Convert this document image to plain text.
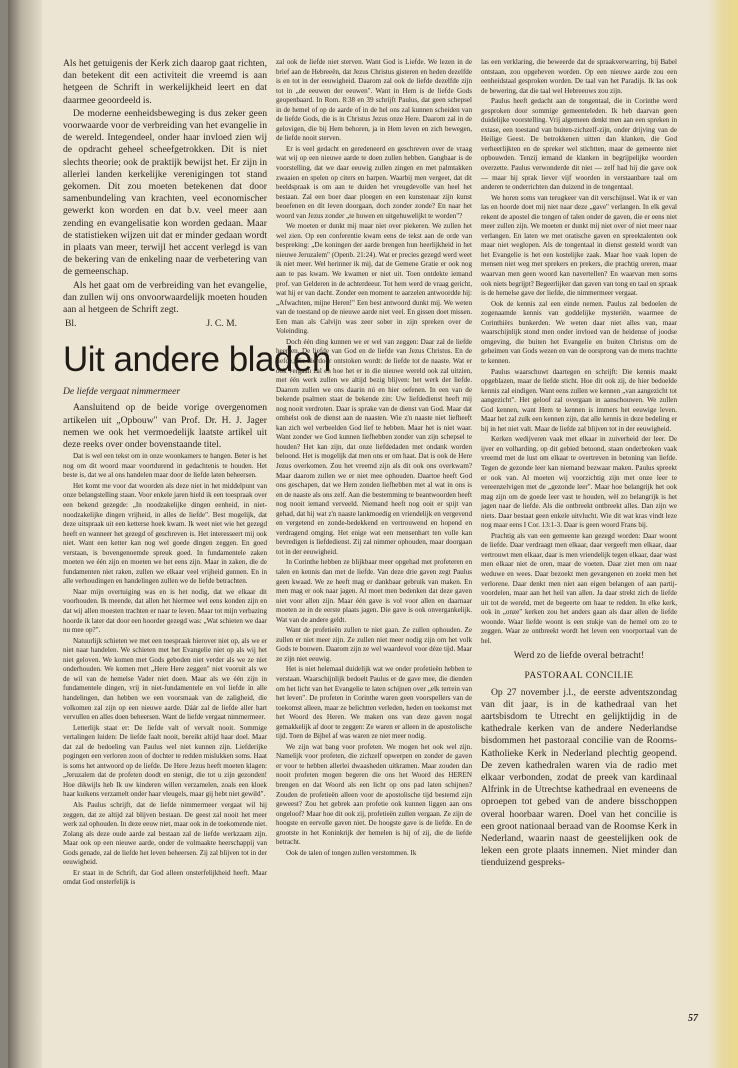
Als het getuigenis der Kerk zich daarop gaat richten, dan betekent dit een activiteit die vreemd is aan hetgeen de Schrift in werkelijkheid leert en dat daarmee geoordeeld is.

De moderne eenheidsbeweging is dus zeker geen voorwaarde voor de verbreiding van het evangelie in de wereld. Integendeel, onder haar invloed zien wij de opdracht geheel scheefgetrokken. Dit is niet slechts theorie; ook de praktijk bewijst het. Er zijn in allerlei landen kerkelijke verenigingen tot stand gekomen. Dit zou moeten betekenen dat door samenbundeling van krachten, veel economischer gewerkt kon worden en dat b.v. veel meer aan zending en evangelisatie kon worden gedaan. Maar de statistieken wijzen uit dat er minder gedaan wordt in plaats van meer, terwijl het accent verlegd is van de bekering van de enkeling naar de verbetering van de gemeenschap.

Als het gaat om de verbreiding van het evangelie, dan zullen wij ons onvoorwaardelijk moeten houden aan al hetgeen de Schrift zegt.

Bl.	J. C. M.
Uit andere bladen
De liefde vergaat nimmermeer

Aansluitend op de beide vorige overgenomen artikelen uit „Opbouw" van Prof. Dr. H. J. Jager nemen we ook het vermoedelijk laatste artikel uit deze reeks over onder bovenstaande titel.

Dat is wel een tekst om in onze woonkamers te hangen. Beter is het nog om dit woord maar voortdurend in gedachtenis te houden. Het beste is, dat we al ons handelen maar door de liefde laten beheersen.

Het komt me voor dat woorden als deze niet in het middelpunt van onze belangstelling staan. Voor enkele jaren hield ik een toespraak over een bekend gezegde: „In noodzakelijke dingen eenheid, in niet-noodzakelijke dingen vrijheid, in alles de liefde". Best mogelijk, dat deze uitspraak uit een ketterse hoek kwam. Ik weet niet wie het gezegd heeft en wanneer het gezegd of geschreven is. Het interesseert mij ook niet. Want een ketter kan nog wel goede dingen zeggen. En goed verstaan, is bovengenoemde spreuk goed. In fundamentele zaken moeten we één zijn en moeten we het eens zijn. Maar in zaken, die de fundamenten niet raken, zullen we elkaar veel vrijheid gunnen. En in alle verhoudingen en handelingen zullen we de liefde betrachten.

Naar mijn overtuiging was en is het nodig, dat we elkaar dit voorhouden. Ik meende, dat allen het hiermee wel eens konden zijn en dat wij allen moesten trachten er naar te leven. Maar tot mijn verbazing hoorde ik later dat door een hoorder gezegd was: „Wat schieten we daar nu mee op?".

Natuurlijk schieten we met een toespraak hierover niet op, als we er niet naar handelen. We schieten met het Evangelie niet op als wij het niet geloven. We komen met Gods geboden niet verder als we ze niet onderhouden. We komen met „Here Here zeggen" niet vooruit als we de wil van de hemelse Vader niet doen. Maar als we één zijn in fundamentele dingen, vrij in niet-fundamentele en vol liefde in alle handelingen, dan hebben we een voorsmaak van de zaligheid, die volkomen zal zijn op een nieuwe aarde. Dáár zal de liefde aller hart vervullen en alles doen beheersen. Want de liefde vergaat nimmermeer.

Letterlijk staat er: De liefde valt of vervalt nooit. Sommige vertalingen luiden: De liefde faalt nooit, bereikt altijd haar doel. Maar dat zal de bedoeling van Paulus wel niet kunnen zijn. Liefderijke pogingen een verloren zoon of dochter te redden mislukken soms. Haat is soms het antwoord op de liefde. De Here Jezus heeft moeten klagen: „Jeruzalem dat de profeten doodt en stenigt, die tot u zijn gezonden! Hoe dikwijls heb Ik uw kinderen willen verzamelen, zoals een kloek haar kuikens verzamelt onder haar vleugels, maar gij hebt niet gewild".

Als Paulus schrijft, dat de liefde nimmermeer vergaat wil hij zeggen, dat ze altijd zal blijven bestaan. De geest zal nooit het meer werk zal ophouden. In deze eeuw niet, maar ook in de toekomende niet. Zolang als deze oude aarde zal bestaan zal de liefde werkzaam zijn. Maar ook op een nieuwe aarde, onder de volmaakte heerschappij van Gods genade, zal de liefde het leven beheersen. Zij zal blijven tot in der eeuwigheid.

Er staat in de Schrift, dat God alleen onsterfelijkheid heeft. Maar omdat God onsterfelijk is

zal ook de liefde niet sterven. Want God is Liefde. We lezen in de brief aan de Hebreeën, dat Jezus Christus gisteren en heden dezelfde is en tot in der eeuwigheid. Daarom zal ook de liefde dezelfde zijn tot in „de eeuwen der eeuwen". Want in Hem is de liefde Gods geopenbaard. In Rom. 8:38 en 39 schrijft Paulus, dat geen schepsel in de hemel of op de aarde of in de hel ons zal kunnen scheiden van de liefde Gods, die is in Christus Jezus onze Here. Daarom zal in de gelovigen, die bij Hem behoren, ja in Hem leven en zich bewegen, de liefde nooit sterven.

Er is veel gedacht en geredeneerd en geschreven over de vraag wat wij op een nieuwe aarde te doen zullen hebben. Gangbaar is de voorstelling, dat we daar eeuwig zullen zingen en met palmtakken zwaaien en spelen op citers en harpen. Waarbij men vergeet, dat dit beeldspraak is om aan te duiden het vreugdevolle van heel het bestaan. Zal een boer daar ploegen en een kunstenaar zijn kunst beoefenen en dit leven doorgaan, doch zonder zonde? En naar het woord van Jezus zonder „te huwen en uitgehuwelijkt te worden"?

We moeten er dunkt mij maar niet over piekeren. We zullen het wel zien. Op een conferentie kwam eens de tekst aan de orde van bespreking: „De koningen der aarde brengen hun heerlijkheid in het nieuwe Jeruzalem" (Openb. 21:24). Wat er precies gezegd werd weet ik niet meer. Wel herinner ik mij, dat de Gemene Gratie er ook nog aan te pas kwam. We kwamen er niet uit. Toen ontdekte iemand prof. van Gelderen in de achterdeeur. Tot hem werd de vraag gericht, wat hij er van dacht. Zonder een moment te aarzelen antwoordde hij: „Afwachten, mijne Heren!" Een best antwoord dunkt mij. We weten van de toestand op de nieuwe aarde niet veel. En gissen doet missen. Een man als Calvijn was zeer sober in zijn spreken over de Voleinding.

Doch één ding kunnen we er wel van zeggen: Daar zal de liefde heersen. De liefde van God en de liefde van Jezus Christus. En de liefde, die hierdoor ontstoken wordt: de liefde tot de naaste. Wat er ook vergaan zal en hoe het er in die nieuwe wereld ook zal uitzien, met één werk zullen we altijd bezig blijven: het werk der liefde. Daarom zullen we ons daarin nú en hier oefenen. In een van de bekende psalmen staat de bekende zin: Uw liefdedienst heeft mij nog nooit verdroten. Daar is sprake van de dienst van God. Maar dat omhelst ook de dienst aan de naasten. Wie z'n naaste niet liefheeft kan zich wel verbeelden God lief te hebben. Maar het is niet waar. Want zonder we God kunnen liefhebben zonder van zijn schepsel te houden? Het kan zijn, dat onze liefdedaden met ondank worden beloond. Het is mogelijk dat men ons er om haat. Dat is ook de Here Jezus overkomen. Zou het vreemd zijn als dit ook ons overkwam? Maar daarom zullen we er niet mee ophouden. Daartoe heeft God ons geschapen, dat we Hem zonden liefhebben met al wat in ons is en de naaste als ons zelf. Aan die bestemming te beantwoorden heeft nog nooit iemand verveeld. Niemand heeft nog ooit er spijt van gehad, dat hij wat z'n naaste lankmoedig en vriendelijk en vergevend en vergetend en zonde-bedekkend en vertrouwend en hopend en verdragend omging. Het enige wat een mensenhart ten volle kan bevredigen is liefdedienst. Zij zal nimmer ophouden, maar doorgaan tot in der eeuwigheid.

In Corinthe hebben ze blijkbaar meer opgehad met profeteren en talen en kennis dan met de liefde. Van deze drie gaven zegt Paulus geen kwaad. We ze heeft mag er dankbaar gebruik van maken. En men mag er ook naar jagen. Al moet men bedenken dat deze gaven niet voor allen zijn. Maar één gave is vol voor allen en daarnaar moeten ze in de eerste plaats jagen. Die gave is ook onvergankelijk. Wat van de andere geldt.

Want de profetieën zullen te niet gaan. Ze zullen ophouden. Ze zullen er niet meer zijn. Ze zullen niet meer nodig zijn om het volk Gods te bouwen. Daarom zijn ze wel waardevol voor déze tijd. Maar ze zijn niet eeuwig.

Het is niet helemaal duidelijk wat we onder profetieën hebben te verstaan. Waarschijnlijk bedoelt Paulus er de gave mee, die dienden om het licht van het Evangelie te laten schijnen over „elk terrein van het leven". De profeten in Corinthe waren geen voorspellers van de toekomst alleen, maar ze belichtten verleden, heden en toekomst met het Woord des Heren. We maken ons van deze gaven nogal gemakkelijk af door te zeggen: Ze waren er alleen in de apostolische tijd. Toen de Bijbel af was waren ze niet meer nodig.

We zijn wat bang voor profeten. We mogen het ook wel zijn. Namelijk voor profeten, die zichzelf opwerpen en zonder de gaven er voor te hebben allerlei dwaasheden uitkramen. Maar zouden dan nooit profeten mogen begeren die ons het Woord des HEREN brengen en dat Woord als een licht op ons pad laten schijnen? Zouden de profetieën alleen voor de apostolische tijd bestemd zijn geweest? Zou het gebrek aan profetie ook kunnen liggen aan ons ongeloof? Maar hoe dit ook zij, profetieën zullen vergaan. Ze zijn de hoogste en eervolle gaven niet. De hoogste gave is de liefde. En de grootste in het Koninkrijk der hemelen is hij of zij, die de liefde betracht.

Ook de talen of tongen zullen verstommen. Ik

las een verklaring, die beweerde dat de spraakverwarring, bij Babel ontstaan, zou opgeheven worden. Op een nieuwe aarde zou een eenheidstaal gesproken worden. De taal van het Paradijs. Ik las ook de bewering, dat die taal wel Hebreeuws zou zijn.

Paulus heeft gedacht aan de tongentaal, die in Corinthe werd gesproken door sommige gemeenteleden. Ik heb daarvan geen duidelijke voorstelling. Vrij algemeen denkt men aan een spreken in extase, een toestand van buiten-zichzelf-zijn, onder drijving van de Heilige Geest. De betrokkenen uitten dan klanken, die God verheerlijkten en de spreker wel stichtten, maar de gemeente niet opbouwden. Tenzij iemand de klanken in begrijpelijke woorden overzette. Paulus verwonderde dit niet — zelf had hij die gave ook — maar hij sprak liever vijf woorden in verstaanbare taal om anderen te onderrichten dan duizend in de tongentaal.

We horen soms van terugkeer van dit verschijnsel. Wat ik er van las en hoorde doet mij niet naar deze „gave" verlangen. In elk geval rekent de apostel die tongen of talen onder de gaven, die er eens niet meer zullen zijn. We moeten er dunkt mij niet over of niet meer naar verlangen. En laten we met oratische gaven en spreektalenten ook maar niet weglopen. Als de tongentaal in dienst gesteld wordt van het Evangelie is het een kostelijke zaak. Maar hoe vaak lopen de mensen niet weg met sprekers en prekers, die prachtig oreren, maar waarvan men geen woord kan navertellen? En waarvan men soms ook niets begrijpt? Begeerlijker dan gaven van tong en taal en spraak is de hemelse gave der liefde, die nimmermeer vergaat.

Ook de kennis zal een einde nemen. Paulus zal bedoelen de zogenaamde kennis van goddelijke mysteriën, waarmee de Corinthiërs bunkerden. We weten daar niet alles van, maar waarschijnlijk stond men onder invloed van de heidense of joodse omgeving, die buiten het Evangelie en buiten Christus om de geheimen van Gods wezen en van de oorsprong van de mens trachtte te kennen.

Paulus waarschuwt daartegen en schrijft: Die kennis maakt opgeblazen, maar de liefde sticht. Hoe dit ook zij, de hier bedoelde kennis zal eindigen. Want eens zullen we kennen „van aangezicht tot aangezicht". Het geloof zal overgaan in aanschouwen. We zullen God kennen, want Hem te kennen is immers het eeuwige leven. Maar het zal zulk een kennen zijn, dat alle kennis in deze bedeling er bij in het niet valt. Maar de liefde zal blijven tot in der eeuwigheid.

Kerken wedijveren vaak met elkaar in zuiverheid der leer. De ijver en volharding, op dit gebied betoond, staan onderbroken vaak vreemd met de lust om elkaar te overtreven in betoning van liefde. Tegen de gezonde leer kan niemand bezwaar maken. Paulus spreekt er ook van. Al moeten wij voorzichtig zijn met onze leer te vereenzelvigen met de „gezonde leer". Maar hoe belangrijk het ook mag zijn om de goede leer vast te houden, wèl zo belangrijk is het jagen naar de liefde. Als die ontbreekt ontbreekt alles. Dan zijn we niets. Daar bestaat geen enkele uitvlucht. Wie dit wat kras vindt leze nog maar eens I Cor. 13:1-3. Daar is geen woord Frans bij.

Prachtig als van een gemeente kan gezegd worden: Daar woont de liefde. Daar verdraagt men elkaar, daar vergeeft men elkaar, daar vertrouwt men elkaar, daar is men vriendelijk tegen elkaar, daar wast men elkaar niet de oren, maar de voeten. Daar ziet men om naar weduwe en wees. Daar bezoekt men gevangenen en zoekt men het verlorene. Daar denkt men niet aan eigen belangen of aan partij-voordelen, maar aan het heil van allen. Ja daar strekt zich de liefde uit tot de wereld, met de begeerte om haar te redden. In elke kerk, ook in „onze" kerken zou het anders gaan als daar allen de liefde woonde. Waar liefde woont is een stukje van de hemel om zo te zeggen. Waar ze ontbreekt wordt het leven een voorportaal van de hel.

Werd zo de liefde overal betracht!
PASTORAAL CONCILIE

Op 27 november j.l., de eerste adventszondag van dit jaar, is in de kathedraal van het aartsbisdom te Utrecht en gelijktijdig in de kathedrale kerken van de andere Nederlandse bisdommen het pastoraal concilie van de Rooms-Katholieke Kerk in Nederland plechtig geopend. De zeven kathedralen waren via de radio met elkaar verbonden, zodat de preek van kardinaal Alfrink in de Utrechtse kathedraal en eveneens de oproepen tot gebed van de andere bisschoppen overal hoorbaar waren. Doel van het concilie is een groot nationaal beraad van de Roomse Kerk in Nederland, waarin naast de geestelijken ook de leken een grote plaats innemen. Niet minder dan tienduizend gespreks-

57
